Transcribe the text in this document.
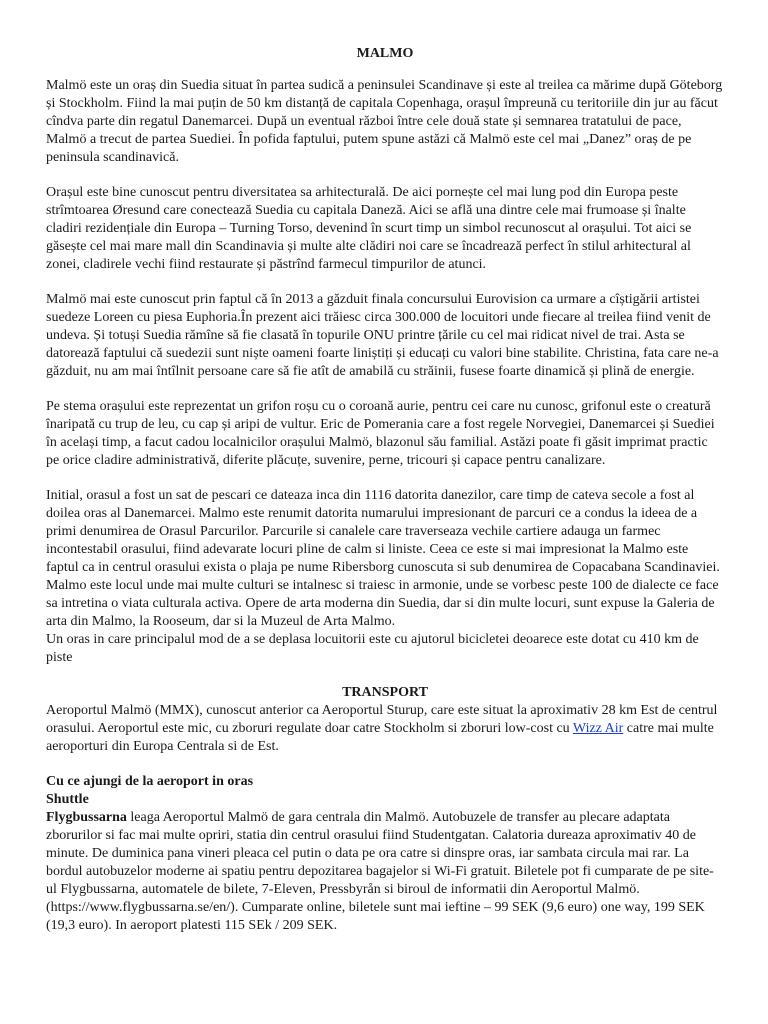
MALMO

Malmö este un oraș din Suedia situat în partea sudică a peninsulei Scandinave și este al treilea ca mărime după Göteborg și Stockholm. Fiind la mai puțin de 50 km distanță de capitala Copenhaga, orașul împreună cu teritoriile din jur au făcut cîndva parte din regatul Danemarcei. După un eventual război între cele două state și semnarea tratatului de pace, Malmö a trecut de partea Suediei. În pofida faptului, putem spune astăzi că Malmö este cel mai „Danez” oraș de pe peninsula scandinavică.

Orașul este bine cunoscut pentru diversitatea sa arhitecturală. De aici pornește cel mai lung pod din Europa peste strîmtoarea Øresund care conectează Suedia cu capitala Daneză. Aici se află una dintre cele mai frumoase și înalte cladiri rezidențiale din Europa – Turning Torso, devenind în scurt timp un simbol recunoscut al orașului. Tot aici se găsește cel mai mare mall din Scandinavia și multe alte clădiri noi care se încadrează perfect în stilul arhitectural al zonei, cladirele vechi fiind restaurate și păstrînd farmecul timpurilor de atunci.

Malmö mai este cunoscut prin faptul că în 2013 a găzduit finala concursului Eurovision ca urmare a cîștigării artistei suedeze Loreen cu piesa Euphoria.În prezent aici trăiesc circa 300.000 de locuitori unde fiecare al treilea fiind venit de undeva. Și totuși Suedia rămîne să fie clasată în topurile ONU printre țările cu cel mai ridicat nivel de trai. Asta se datorează faptului că suedezii sunt niște oameni foarte liniștiți și educați cu valori bine stabilite. Christina, fata care ne-a găzduit, nu am mai întîlnit persoane care să fie atît de amabilă cu străinii, fusese foarte dinamică și plină de energie.

Pe stema orașului este reprezentat un grifon roșu cu o coroană aurie, pentru cei care nu cunosc, grifonul este o creatură înaripată cu trup de leu, cu cap și aripi de vultur. Eric de Pomerania care a fost regele Norvegiei, Danemarcei și Suediei în același timp, a facut cadou localnicilor orașului Malmö, blazonul său familial. Astăzi poate fi găsit imprimat practic pe orice cladire administrativă, diferite plăcuțe, suvenire, perne, tricouri și capace pentru canalizare.

Initial, orasul a fost un sat de pescari ce dateaza inca din 1116 datorita danezilor, care timp de cateva secole a fost al doilea oras al Danemarcei. Malmo este renumit datorita numarului impresionant de parcuri ce a condus la ideea de a primi denumirea de Orasul Parcurilor. Parcurile si canalele care traverseaza vechile cartiere adauga un farmec incontestabil orasului, fiind adevarate locuri pline de calm si liniste. Ceea ce este si mai impresionat la Malmo este faptul ca in centrul orasului exista o plaja pe nume Ribersborg cunoscuta si sub denumirea de Copacabana Scandinaviei. Malmo este locul unde mai multe culturi se intalnesc si traiesc in armonie, unde se vorbesc peste 100 de dialecte ce face sa intretina o viata culturala activa. Opere de arta moderna din Suedia, dar si din multe locuri, sunt expuse la Galeria de arta din Malmo, la Rooseum, dar si la Muzeul de Arta Malmo.

Un oras in care principalul mod de a se deplasa locuitorii este cu ajutorul bicicletei deoarece este dotat cu 410 km de piste

TRANSPORT

Aeroportul Malmö (MMX), cunoscut anterior ca Aeroportul Sturup, care este situat la aproximativ 28 km Est de centrul orasului. Aeroportul este mic, cu zboruri regulate doar catre Stockholm si zboruri low-cost cu Wizz Air catre mai multe aeroporturi din Europa Centrala si de Est.

Cu ce ajungi de la aeroport in oras
Shuttle

Flygbussarna leaga Aeroportul Malmö de gara centrala din Malmö. Autobuzele de transfer au plecare adaptata zborurilor si fac mai multe opriri, statia din centrul orasului fiind Studentgatan. Calatoria dureaza aproximativ 40 de minute. De duminica pana vineri pleaca cel putin o data pe ora catre si dinspre oras, iar sambata circula mai rar. La bordul autobuzelor moderne ai spatiu pentru depozitarea bagajelor si Wi-Fi gratuit. Biletele pot fi cumparate de pe site-ul Flygbussarna, automatele de bilete, 7-Eleven, Pressbyrån si biroul de informatii din Aeroportul Malmö. (https://www.flygbussarna.se/en/). Cumparate online, biletele sunt mai ieftine – 99 SEK (9,6 euro) one way, 199 SEK (19,3 euro). In aeroport platesti 115 SEk / 209 SEK.
